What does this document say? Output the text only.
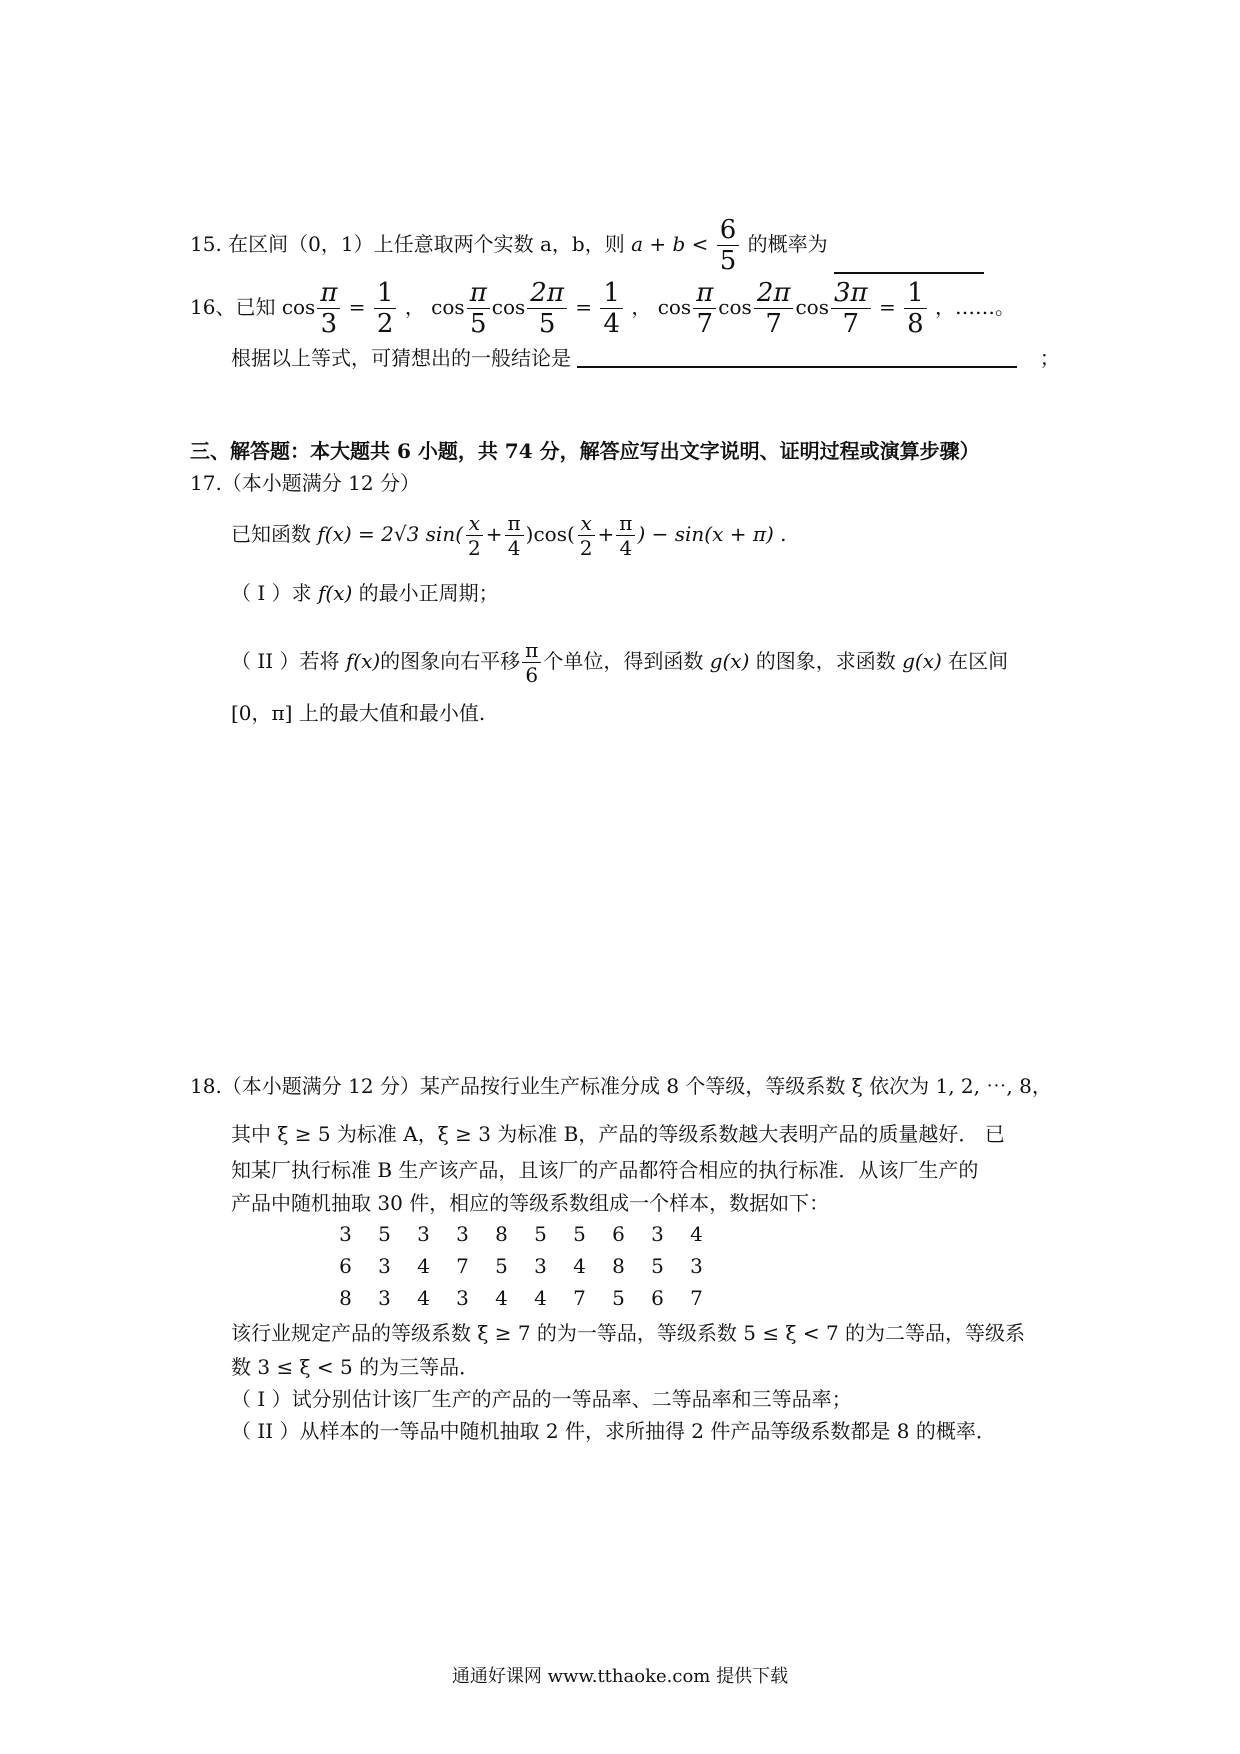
15. 在区间（0，1）上任意取两个实数 a，b，则 $a + b < \frac{6}{5}$ 的概率为
16、已知 $\cos \frac{\pi}{3} = \frac{1}{2}$ ， $\cos \frac{\pi}{5}$ $\cos \frac{2\pi}{5} = \frac{1}{4}$ ， $\cos \frac{\pi}{7}$ $\cos \frac{2\pi}{7}$ $\cos \frac{3\pi}{7} = \frac{1}{8}$ ，……。
根据以上等式，可猜想出的一般结论是	；
三、解答题：本大题共 6 小题，共 74 分，解答应写出文字说明、证明过程或演算步骤）
17.（本小题满分 12 分）
已知函数 f(x) = 2√3 $\sin( \frac{x}{2} + \frac{\pi}{4} )\cos( \frac{x}{2} + \frac{\pi}{4}$ ) − sin(x + π) .
（ I ）求 f(x) 的最小正周期；
（ II ）若将 f(x)的图象向右平移 $\frac{\pi}{6}$ 个单位，得到函数 g(x) 的图象，求函数 g(x) 在区间
[0，π] 上的最大值和最小值.
18.（本小题满分 12 分）某产品按行业生产标准分成 8 个等级，等级系数 ξ 依次为 1, 2, ⋯, 8，
其中 ξ ≥ 5 为标准 A，ξ ≥ 3 为标准 B，产品的等级系数越大表明产品的质量越好． 已
知某厂执行标准 B 生产该产品，且该厂的产品都符合相应的执行标准．从该厂生产的
产品中随机抽取 30 件，相应的等级系数组成一个样本，数据如下：
3	5	3	3	8	5	5	6	3	4
6	3	4	7	5	3	4	8	5	3
8	3	4	3	4	4	7	5	6	7
该行业规定产品的等级系数 ξ ≥ 7 的为一等品，等级系数 5 ≤ ξ < 7 的为二等品，等级系
数 3 ≤ ξ < 5 的为三等品．
（ I ）试分别估计该厂生产的产品的一等品率、二等品率和三等品率；
（ II ）从样本的一等品中随机抽取 2 件，求所抽得 2 件产品等级系数都是 8 的概率．
通通好课网 www.tthaoke.com 提供下载
